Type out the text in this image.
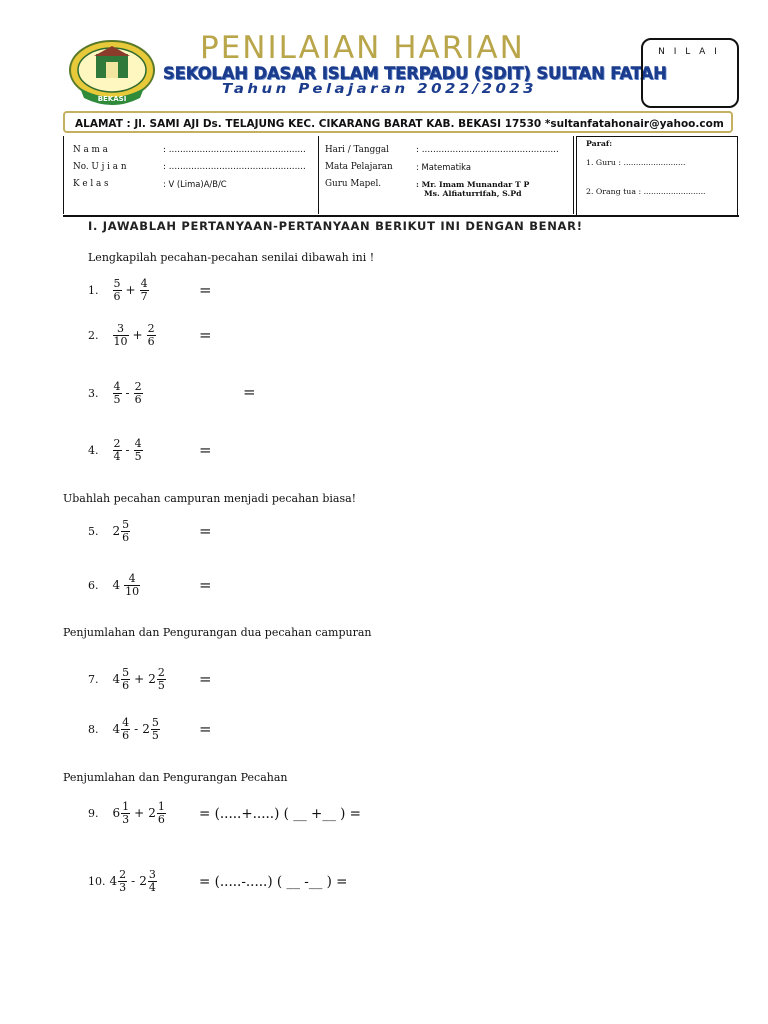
BEKASI
PENILAIAN HARIAN
SEKOLAH DASAR ISLAM TERPADU (SDIT) SULTAN FATAH
Tahun Pelajaran 2022/2023
N I L A I
ALAMAT : Jl. SAMI AJI Ds. TELAJUNG KEC. CIKARANG BARAT KAB. BEKASI 17530 *sultanfatahonair@yahoo.com
N a m a	: .................................................
No. U j i a n	: .................................................
K e l a s	: V (Lima)A/B/C
Hari / Tanggal	: .................................................
Mata Pelajaran	: Matematika
Guru Mapel.	: Mr. Imam Munandar T P
Ms. Alfiaturrifah, S.Pd
Paraf:
1. Guru : .........................
2. Orang tua : .........................
I. JAWABLAH PERTANYAAN-PERTANYAAN BERIKUT INI DENGAN BENAR!
Lengkapilah pecahan-pecahan senilai dibawah ini !
1. $\frac{5}{6} + \frac{4}{7}$	=
2. $\frac{3}{10} + \frac{2}{6}$	=
3. $\frac{4}{5} - \frac{2}{6}$	=
4. $\frac{2}{4} - \frac{4}{5}$	=
Ubahlah pecahan campuran menjadi pecahan biasa!
5. $2 \frac{5}{6}$	=
6. $4 \frac{4}{10}$	=
Penjumlahan dan Pengurangan dua pecahan campuran
7. $4 \frac{5}{6} + 2 \frac{2}{5}$ =
8. $4 \frac{4}{6} - 2 \frac{5}{5}$	=
Penjumlahan dan Pengurangan Pecahan
9. $6 \frac{1}{3} + 2 \frac{1}{6}$ = (.....+.....) ( __ +__ ) =
10. $4 \frac{2}{3} - 2 \frac{3}{4}$	= (.....-.....) ( __ -__ ) =
